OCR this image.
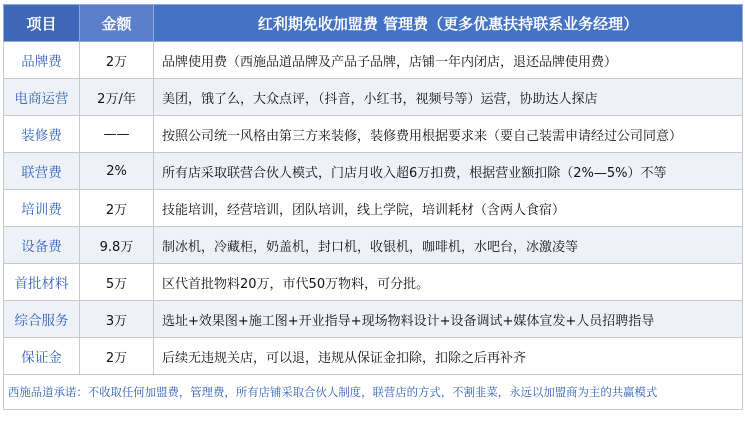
项目	金额	红利期免收加盟费 管理费（更多优惠扶持联系业务经理）
品牌费	2万	品牌使用费（西施品道品牌及产品子品牌，店铺一年内闭店，退还品牌使用费）
电商运营	2万/年	美团，饿了么，大众点评，（抖音，小红书，视频号等）运营，协助达人探店
装修费	——	按照公司统一风格由第三方来装修，装修费用根据要求来（要自己装需申请经过公司同意）
联营费	2%	所有店采取联营合伙人模式，门店月收入超6万扣费，根据营业额扣除（2%—5%）不等
培训费	2万	技能培训，经营培训，团队培训，线上学院，培训耗材（含两人食宿）
设备费	9.8万	制冰机，冷藏柜，奶盖机，封口机，收银机，咖啡机，水吧台，冰激凌等
首批材料	5万	区代首批物料20万，市代50万物料，可分批。
综合服务	3万	选址+效果图+施工图+开业指导+现场物料设计+设备调试+媒体宣发+人员招聘指导
保证金	2万	后续无违规关店，可以退，违规从保证金扣除，扣除之后再补齐
西施品道承诺：不收取任何加盟费，管理费，所有店铺采取合伙人制度，联营店的方式，不割韭菜，永远以加盟商为主的共赢模式		
